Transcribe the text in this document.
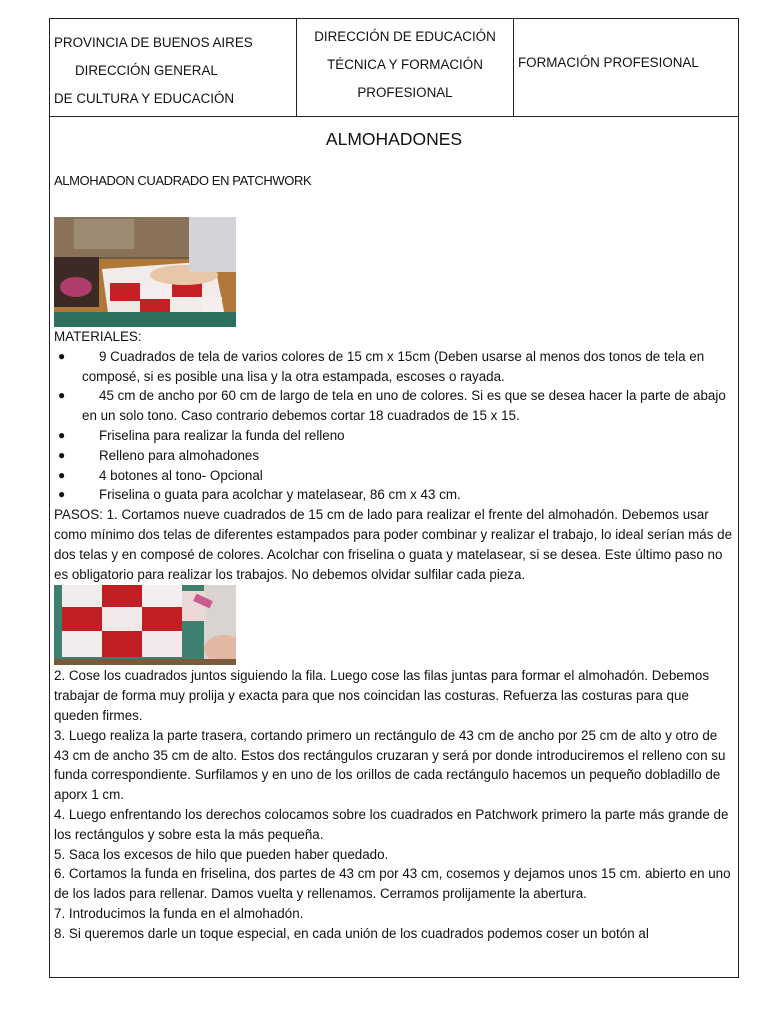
PROVINCIA DE BUENOS AIRES

DIRECCIÓN GENERAL

DE CULTURA Y EDUCACIÓN

DIRECCIÓN DE EDUCACIÓN

TÉCNICA Y FORMACIÓN

PROFESIONAL

FORMACIÓN PROFESIONAL

ALMOHADONES
ALMOHADON CUADRADO EN PATCHWORK

MATERIALES:

●	9 Cuadrados de tela de varios colores de 15 cm x 15cm (Deben usarse al menos dos tonos de tela en composé, si es posible una lisa y la otra estampada, escoses o rayada.
●	45 cm de ancho por 60 cm de largo de tela en uno de colores. Si es que se desea hacer la parte de abajo en un solo tono. Caso contrario debemos cortar 18 cuadrados de 15 x 15.
●	Friselina para realizar la funda del relleno
●	Relleno para almohadones
●	4 botones al tono- Opcional
●	Friselina o guata para acolchar y matelasear, 86 cm x 43 cm.

PASOS: 1. Cortamos nueve cuadrados de 15 cm de lado para realizar el frente del almohadón. Debemos usar como mínimo dos telas de diferentes estampados para poder combinar y realizar el trabajo, lo ideal serían más de dos telas y en composé de colores. Acolchar con friselina o guata y matelasear, si se desea. Este último paso no es obligatorio para realizar los trabajos. No debemos olvidar sulfilar cada pieza.

2. Cose los cuadrados juntos siguiendo la fila. Luego cose las filas juntas para formar el almohadón. Debemos trabajar de forma muy prolija y exacta para que nos coincidan las costuras. Refuerza las costuras para que queden firmes.

3. Luego realiza la parte trasera, cortando primero un rectángulo de 43 cm de ancho por 25 cm de alto y otro de 43 cm de ancho 35 cm de alto. Estos dos rectángulos cruzaran y será por donde introduciremos el relleno con su funda correspondiente. Surfilamos y en uno de los orillos de cada rectángulo hacemos un pequeño dobladillo de aporx 1 cm.

4. Luego enfrentando los derechos colocamos sobre los cuadrados en Patchwork primero la parte más grande de los rectángulos y sobre esta la más pequeña.

5. Saca los excesos de hilo que pueden haber quedado.

6. Cortamos la funda en friselina, dos partes de 43 cm por 43 cm, cosemos y dejamos unos 15 cm. abierto en uno de los lados para rellenar. Damos vuelta y rellenamos. Cerramos prolijamente la abertura.

7. Introducimos la funda en el almohadón.

8. Si queremos darle un toque especial, en cada unión de los cuadrados podemos coser un botón al
